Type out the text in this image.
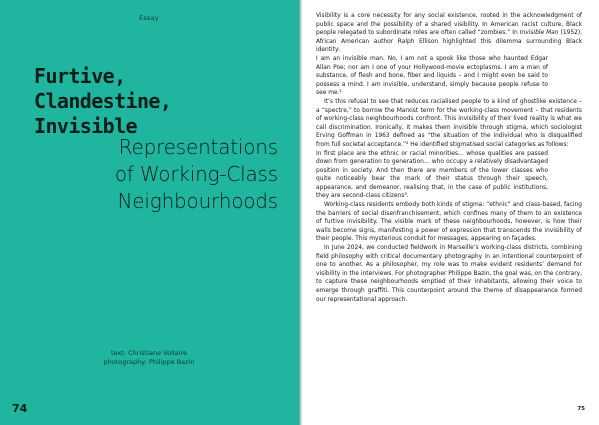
Essay
Furtive,
Clandestine,
Invisible
Representations
of Working-Class
Neighbourhoods
text: Christiane Vollaire
photography: Philippe Bazin
74

Visibility is a core necessity for any social existence, rooted in the acknowledgment of public space and the possibility of a shared visibility. In American racist culture, Black people relegated to subordinate roles are often called “zombies.” In Invisible Man (1952), African American author Ralph Ellison highlighted this dilemma surrounding Black identity:

I am an invisible man. No, I am not a spook like those who haunted Edgar Allan Poe; nor am I one of your Hollywood-movie ectoplasms. I am a man of substance, of flesh and bone, fiber and liquids – and I might even be said to possess a mind. I am invisible, understand, simply because people refuse to see me.¹

It’s this refusal to see that reduces racialised people to a kind of ghostlike existence – a “spectre,” to borrow the Marxist term for the working-class movement – that residents of working-class neighbourhoods confront. This invisibility of their lived reality is what we call discrimination. Ironically, it makes them invisible through stigma, which sociologist Erving Goffman in 1963 defined as “the situation of the individual who is disqualified from full societal acceptance.”² He identified stigmatised social categories as follows:

In first place are the ethnic or racial minorities… whose qualities are passed down from generation to generation… who occupy a relatively disadvantaged position in society. And then there are members of the lower classes who quite noticeably bear the mark of their status through their speech, appearance, and demeanor, realising that, in the case of public institutions, they are second-class citizens³.

Working-class residents embody both kinds of stigma: “ethnic” and class-based, facing the barriers of social disenfranchisement, which confines many of them to an existence of furtive invisibility. The visible mark of these neighbourhoods, however, is how their walls become signs, manifesting a power of expression that transcends the invisibility of their people. This mysterious conduit for messages, appearing on façades.

In June 2024, we conducted fieldwork in Marseille’s working-class districts, combining field philosophy with critical documentary photography in an intentional counterpoint of one to another. As a philosopher, my role was to make evident residents’ demand for visibility in the interviews. For photographer Philippe Bazin, the goal was, on the contrary, to capture these neighbourhoods emptied of their inhabitants, allowing their voice to emerge through graffiti. This counterpoint around the theme of disappearance formed our representational approach.

75
